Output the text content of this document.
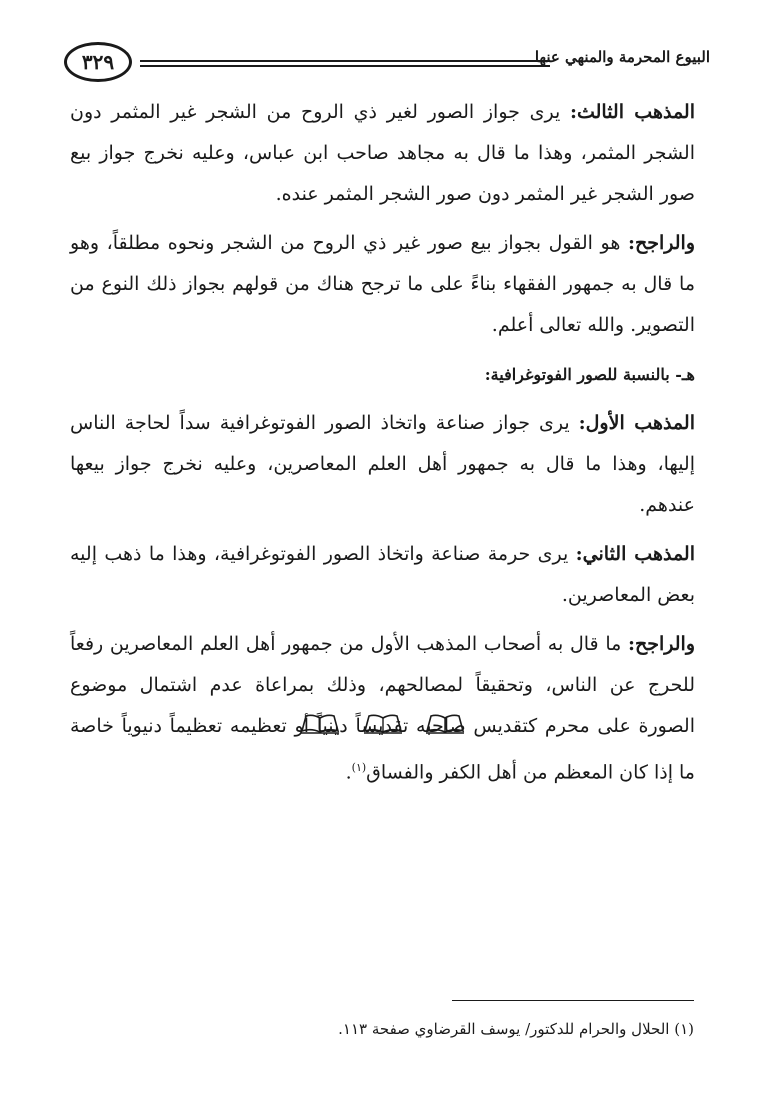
٣٢٩	البيوع المحرمة والمنهي عنها

المذهب الثالث: يرى جواز الصور لغير ذي الروح من الشجر غير المثمر دون الشجر المثمر، وهذا ما قال به مجاهد صاحب ابن عباس، وعليه نخرج جواز بيع صور الشجر غير المثمر دون صور الشجر المثمر عنده.

والراجح: هو القول بجواز بيع صور غير ذي الروح من الشجر ونحوه مطلقاً، وهو ما قال به جمهور الفقهاء بناءً على ما ترجح هناك من قولهم بجواز ذلك النوع من التصوير. والله تعالى أعلم.

هـ- بالنسبة للصور الفوتوغرافية:

المذهب الأول: يرى جواز صناعة واتخاذ الصور الفوتوغرافية سداً لحاجة الناس إليها، وهذا ما قال به جمهور أهل العلم المعاصرين، وعليه نخرج جواز بيعها عندهم.

المذهب الثاني: يرى حرمة صناعة واتخاذ الصور الفوتوغرافية، وهذا ما ذهب إليه بعض المعاصرين.

والراجح: ما قال به أصحاب المذهب الأول من جمهور أهل العلم المعاصرين رفعاً للحرج عن الناس، وتحقيقاً لمصالحهم، وذلك بمراعاة عدم اشتمال موضوع الصورة على محرم كتقديس صاحبه تقديساً دينياً أو تعظيمه تعظيماً دنيوياً خاصة ما إذا كان المعظم من أهل الكفر والفساق$^{(١)}$.

(١) الحلال والحرام للدكتور/ يوسف القرضاوي صفحة ١١٣.
